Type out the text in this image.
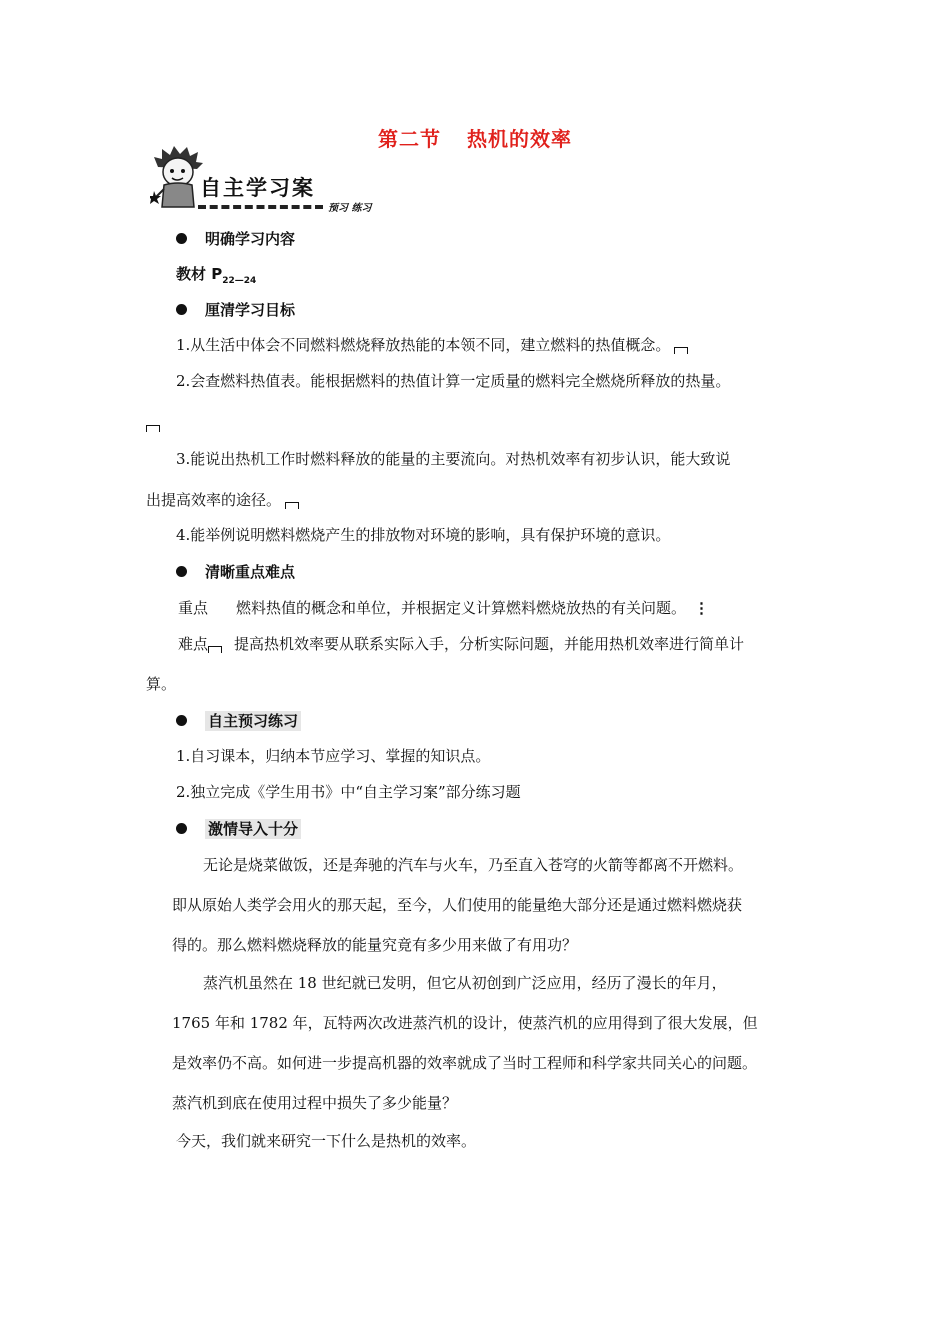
第二节 热机的效率
自主学习案
预习 练习
明确学习内容
教材 $P_{22—24}$
厘清学习目标
1.从生活中体会不同燃料燃烧释放热能的本领不同，建立燃料的热值概念。
2.会查燃料热值表。能根据燃料的热值计算一定质量的燃料完全燃烧所释放的热量。
3.能说出热机工作时燃料释放的能量的主要流向。对热机效率有初步认识，能大致说
出提高效率的途径。
4.能举例说明燃料燃烧产生的排放物对环境的影响，具有保护环境的意识。
清晰重点难点
重点 燃料热值的概念和单位，并根据定义计算燃料燃烧放热的有关问题。 ⋮
难点 提高热机效率要从联系实际入手，分析实际问题，并能用热机效率进行简单计
算。
自主预习练习
1.自习课本，归纳本节应学习、掌握的知识点。
2.独立完成《学生用书》中“自主学习案”部分练习题
激情导入十分
无论是烧菜做饭，还是奔驰的汽车与火车，乃至直入苍穹的火箭等都离不开燃料。
即从原始人类学会用火的那天起，至今，人们使用的能量绝大部分还是通过燃料燃烧获
得的。那么燃料燃烧释放的能量究竟有多少用来做了有用功？
蒸汽机虽然在 18 世纪就已发明，但它从初创到广泛应用，经历了漫长的年月，
1765 年和 1782 年，瓦特两次改进蒸汽机的设计，使蒸汽机的应用得到了很大发展，但
是效率仍不高。如何进一步提高机器的效率就成了当时工程师和科学家共同关心的问题。
蒸汽机到底在使用过程中损失了多少能量？
今天，我们就来研究一下什么是热机的效率。
